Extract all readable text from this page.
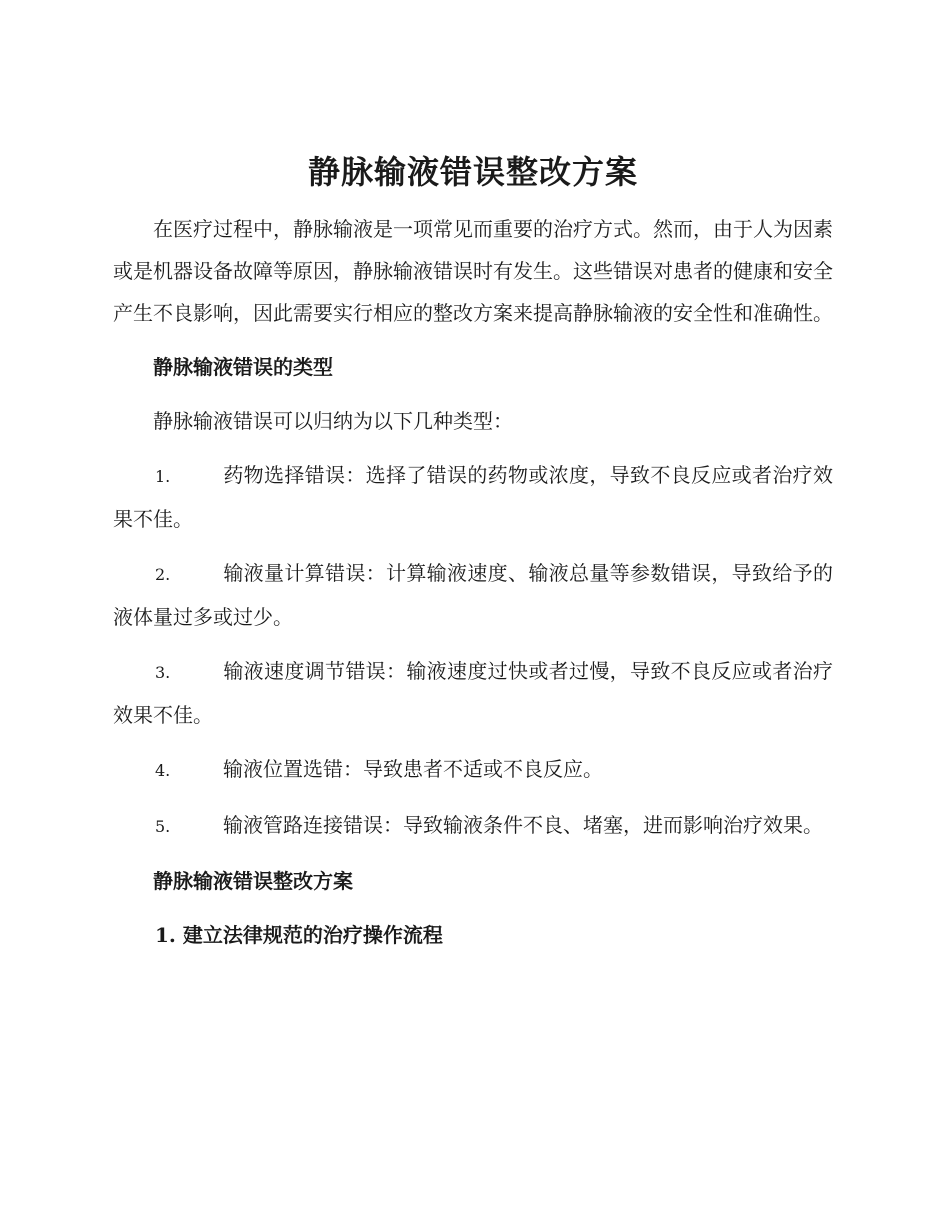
静脉输液错误整改方案

在医疗过程中，静脉输液是一项常见而重要的治疗方式。然而，由于人为因素或是机器设备故障等原因，静脉输液错误时有发生。这些错误对患者的健康和安全产生不良影响，因此需要实行相应的整改方案来提高静脉输液的安全性和准确性。

静脉输液错误的类型

静脉输液错误可以归纳为以下几种类型：

1.	药物选择错误：选择了错误的药物或浓度，导致不良反应或者治疗效果不佳。

2.	输液量计算错误：计算输液速度、输液总量等参数错误，导致给予的液体量过多或过少。

3.	输液速度调节错误：输液速度过快或者过慢，导致不良反应或者治疗效果不佳。

4.	输液位置选错：导致患者不适或不良反应。

5.	输液管路连接错误：导致输液条件不良、堵塞，进而影响治疗效果。

静脉输液错误整改方案

1. 建立法律规范的治疗操作流程
